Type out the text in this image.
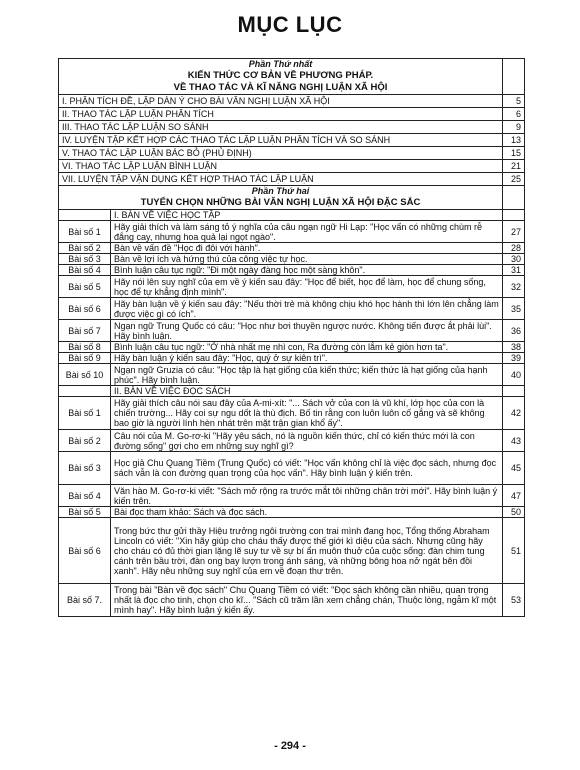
MỤC LỤC
Phần Thứ nhất
KIẾN THỨC CƠ BẢN VỀ PHƯƠNG PHÁP.
VỀ THAO TÁC VÀ KĨ NĂNG NGHỊ LUẬN XÃ HỘI		

I. PHÂN TÍCH ĐỀ, LẬP DÀN Ý CHO BÀI VĂN NGHỊ LUẬN XÃ HỘI		5
II. THAO TÁC LẬP LUẬN PHÂN TÍCH		6
III. THAO TÁC LẬP LUẬN SO SÁNH		9
IV. LUYỆN TẬP KẾT HỢP CÁC THAO TÁC LẬP LUẬN PHÂN TÍCH VÀ SO SÁNH		13
V. THAO TÁC LẬP LUẬN BÁC BỎ (PHỦ ĐỊNH)		15
VI. THAO TÁC LẬP LUẬN BÌNH LUẬN		21
VII. LUYỆN TẬP VẬN DỤNG KẾT HỢP THAO TÁC LẬP LUẬN		25

Phần Thứ hai
TUYỂN CHỌN NHỮNG BÀI VĂN NGHỊ LUẬN XÃ HỘI ĐẶC SẮC		

	I. BÀN VỀ VIỆC HỌC TẬP	
Bài số 1	Hãy giải thích và làm sáng tỏ ý nghĩa của câu ngạn ngữ Hi Lạp: "Học vấn có những chùm rễ đắng cay, nhưng hoa quả lại ngọt ngào".	27
Bài số 2	Bàn về vấn đề "Học đi đôi với hành".	28
Bài số 3	Bàn về lợi ích và hứng thú của công việc tự học.	30
Bài số 4	Bình luận câu tục ngữ: "Đi một ngày đàng học một sàng khôn".	31
Bài số 5	Hãy nói lên suy nghĩ của em về ý kiến sau đây: "Học để biết, học để làm, học để chung sống, học để tự khẳng định mình".	32
Bài số 6	Hãy bàn luận về ý kiến sau đây: "Nếu thời trẻ mà không chịu khó học hành thì lớn lên chẳng làm được việc gì có ích".	35
Bài số 7	Ngạn ngữ Trung Quốc có câu: "Học như bơi thuyền ngược nước. Không tiến được ắt phải lùi". Hãy bình luận.	36
Bài số 8	Bình luận câu tục ngữ: "Ở nhà nhất mẹ nhì con, Ra đường còn lắm kẻ giòn hơn ta".	38
Bài số 9	Hãy bàn luận ý kiến sau đây: "Học, quý ở sự kiên trì".	39
Bài số 10	Ngạn ngữ Gruzia có câu: "Học tập là hạt giống của kiến thức; kiến thức là hạt giống của hạnh phúc". Hãy bình luận.	40
	II. BÀN VỀ VIỆC ĐỌC SÁCH	
Bài số 1	Hãy giải thích câu nói sau đây của A-mi-xít: "... Sách vở của con là vũ khí, lớp học của con là chiến trường... Hãy coi sự ngu dốt là thù địch. Bố tin rằng con luôn luôn cố gắng và sẽ không bao giờ là người lính hèn nhát trên mặt trận gian khổ ấy".	42
Bài số 2	Câu nói của M. Go-rơ-ki "Hãy yêu sách, nó là nguồn kiến thức, chỉ có kiến thức mới là con đường sống" gợi cho em những suy nghĩ gì?	43
Bài số 3	Học giả Chu Quang Tiềm (Trung Quốc) có viết: "Học vấn không chỉ là việc đọc sách, nhưng đọc sách vẫn là con đường quan trọng của học vấn". Hãy bình luận ý kiến trên.	45
Bài số 4	Văn hào M. Go-rơ-ki viết: "Sách mở rộng ra trước mắt tôi những chân trời mới". Hãy bình luận ý kiến trên.	47
Bài số 5	Bài đọc tham khảo: Sách và đọc sách.	50
Bài số 6	Trong bức thư gửi thầy Hiệu trưởng ngôi trường con trai mình đang học, Tổng thống Abraham Lincoln có viết: "Xin hãy giúp cho cháu thấy được thế giới kì diệu của sách. Nhưng cũng hãy cho cháu có đủ thời gian lặng lẽ suy tư về sự bí ẩn muôn thuở của cuộc sống: đàn chim tung cánh trên bầu trời, đàn ong bay lượn trong ánh sáng, và những bông hoa nở ngát bên đồi xanh". Hãy nêu những suy nghĩ của em về đoạn thư trên.	51
Bài số 7.	Trong bài "Bàn về đọc sách" Chu Quang Tiềm có viết: "Đọc sách không cần nhiều, quan trọng nhất là đọc cho tinh, chọn cho kĩ... "Sách cũ trăm lần xem chẳng chán, Thuộc lòng, ngẫm kĩ một mình hay". Hãy bình luận ý kiến ấy.	53
- 294 -
